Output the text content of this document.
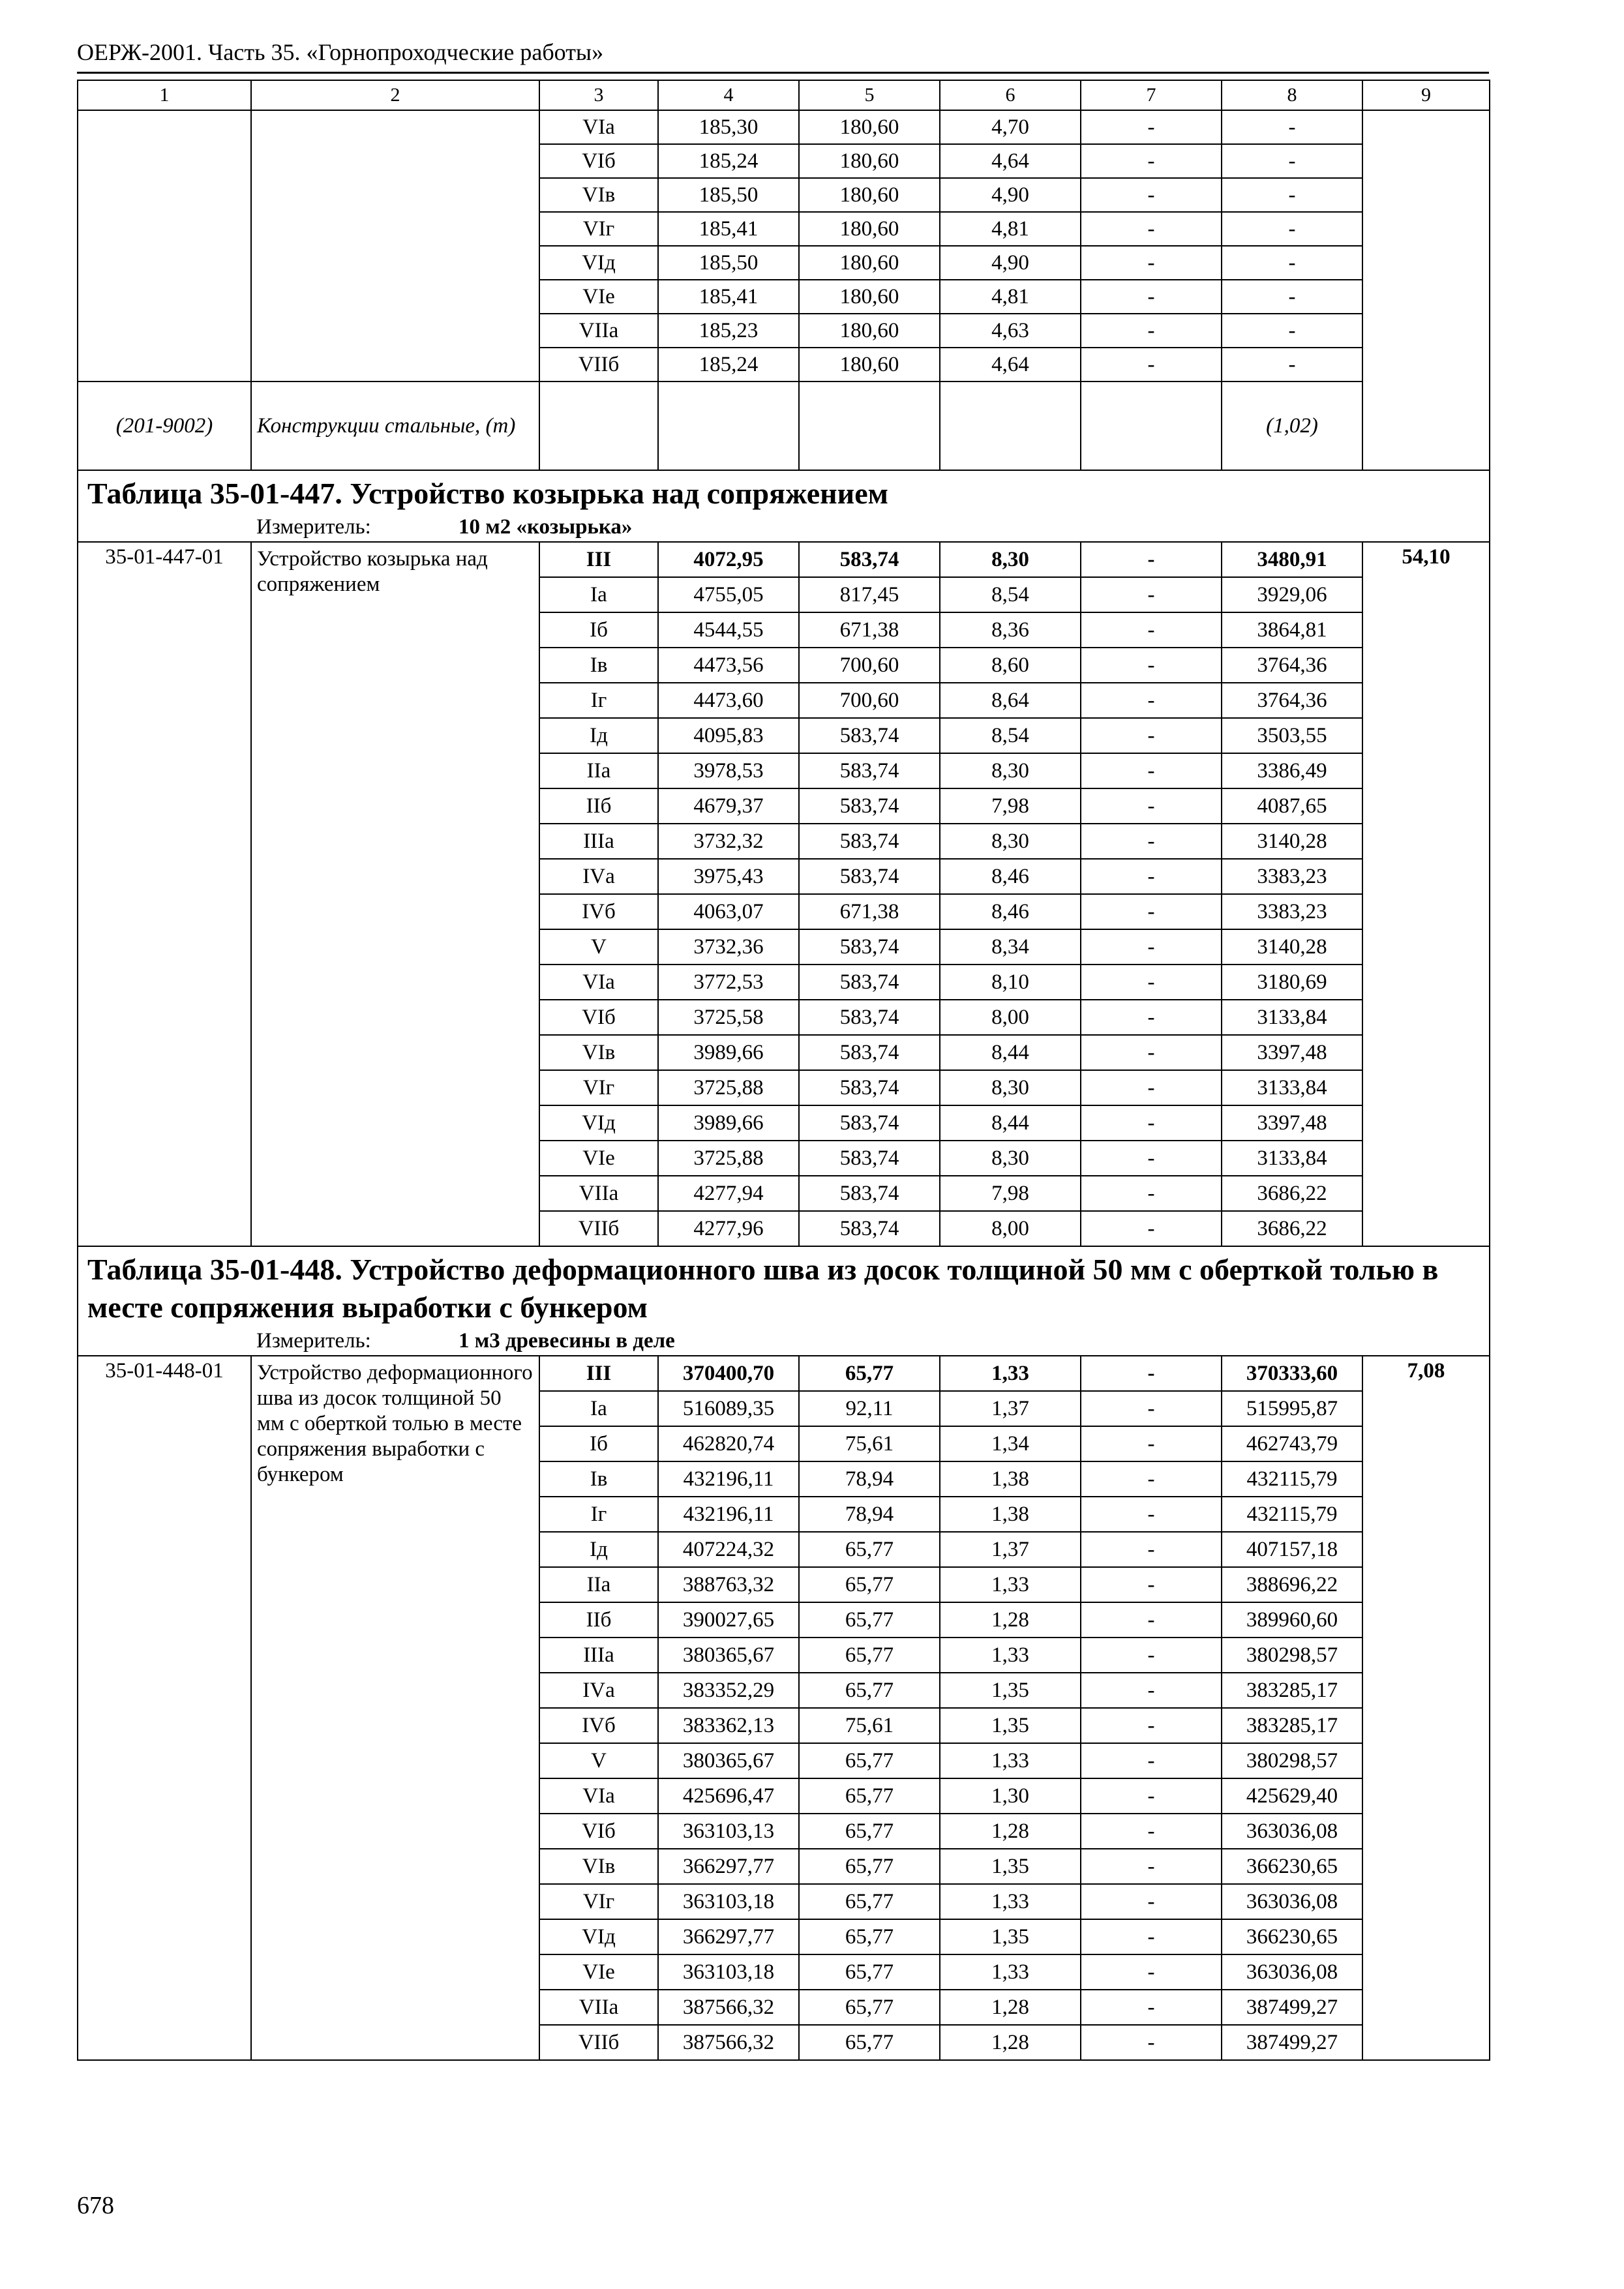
ОЕРЖ-2001. Часть 35. «Горнопроходческие работы»
1	2	3	4	5	6	7	8	9
		VIа	185,30	180,60	4,70	-	-	
		VIб	185,24	180,60	4,64	-	-	
		VIв	185,50	180,60	4,90	-	-	
		VIг	185,41	180,60	4,81	-	-	
		VIд	185,50	180,60	4,90	-	-	
		VIе	185,41	180,60	4,81	-	-	
		VIIа	185,23	180,60	4,63	-	-	
		VIIб	185,24	180,60	4,64	-	-	
(201-9002)	Конструкции стальные, (т)						(1,02)	
Таблица 35-01-447. Устройство козырька над сопряжением								
Измеритель: 10 м2 «козырька»								
35-01-447-01	Устройство козырька над сопряжением	III	4072,95	583,74	8,30	-	3480,91	54,10
		Iа	4755,05	817,45	8,54	-	3929,06	
		Iб	4544,55	671,38	8,36	-	3864,81	
		Iв	4473,56	700,60	8,60	-	3764,36	
		Iг	4473,60	700,60	8,64	-	3764,36	
		Iд	4095,83	583,74	8,54	-	3503,55	
		IIа	3978,53	583,74	8,30	-	3386,49	
		IIб	4679,37	583,74	7,98	-	4087,65	
		IIIа	3732,32	583,74	8,30	-	3140,28	
		IVа	3975,43	583,74	8,46	-	3383,23	
		IVб	4063,07	671,38	8,46	-	3383,23	
		V	3732,36	583,74	8,34	-	3140,28	
		VIа	3772,53	583,74	8,10	-	3180,69	
		VIб	3725,58	583,74	8,00	-	3133,84	
		VIв	3989,66	583,74	8,44	-	3397,48	
		VIг	3725,88	583,74	8,30	-	3133,84	
		VIд	3989,66	583,74	8,44	-	3397,48	
		VIе	3725,88	583,74	8,30	-	3133,84	
		VIIа	4277,94	583,74	7,98	-	3686,22	
		VIIб	4277,96	583,74	8,00	-	3686,22	
Таблица 35-01-448. Устройство деформационного шва из досок толщиной 50 мм с оберткой толью в месте сопряжения выработки с бункером								
Измеритель: 1 м3 древесины в деле								
35-01-448-01	Устройство деформационного шва из досок толщиной 50 мм с оберткой толью в месте сопряжения выработки с бункером	III	370400,70	65,77	1,33	-	370333,60	7,08
		Iа	516089,35	92,11	1,37	-	515995,87	
		Iб	462820,74	75,61	1,34	-	462743,79	
		Iв	432196,11	78,94	1,38	-	432115,79	
		Iг	432196,11	78,94	1,38	-	432115,79	
		Iд	407224,32	65,77	1,37	-	407157,18	
		IIа	388763,32	65,77	1,33	-	388696,22	
		IIб	390027,65	65,77	1,28	-	389960,60	
		IIIа	380365,67	65,77	1,33	-	380298,57	
		IVа	383352,29	65,77	1,35	-	383285,17	
		IVб	383362,13	75,61	1,35	-	383285,17	
		V	380365,67	65,77	1,33	-	380298,57	
		VIа	425696,47	65,77	1,30	-	425629,40	
		VIб	363103,13	65,77	1,28	-	363036,08	
		VIв	366297,77	65,77	1,35	-	366230,65	
		VIг	363103,18	65,77	1,33	-	363036,08	
		VIд	366297,77	65,77	1,35	-	366230,65	
		VIе	363103,18	65,77	1,33	-	363036,08	
		VIIа	387566,32	65,77	1,28	-	387499,27	
		VIIб	387566,32	65,77	1,28	-	387499,27	
678
